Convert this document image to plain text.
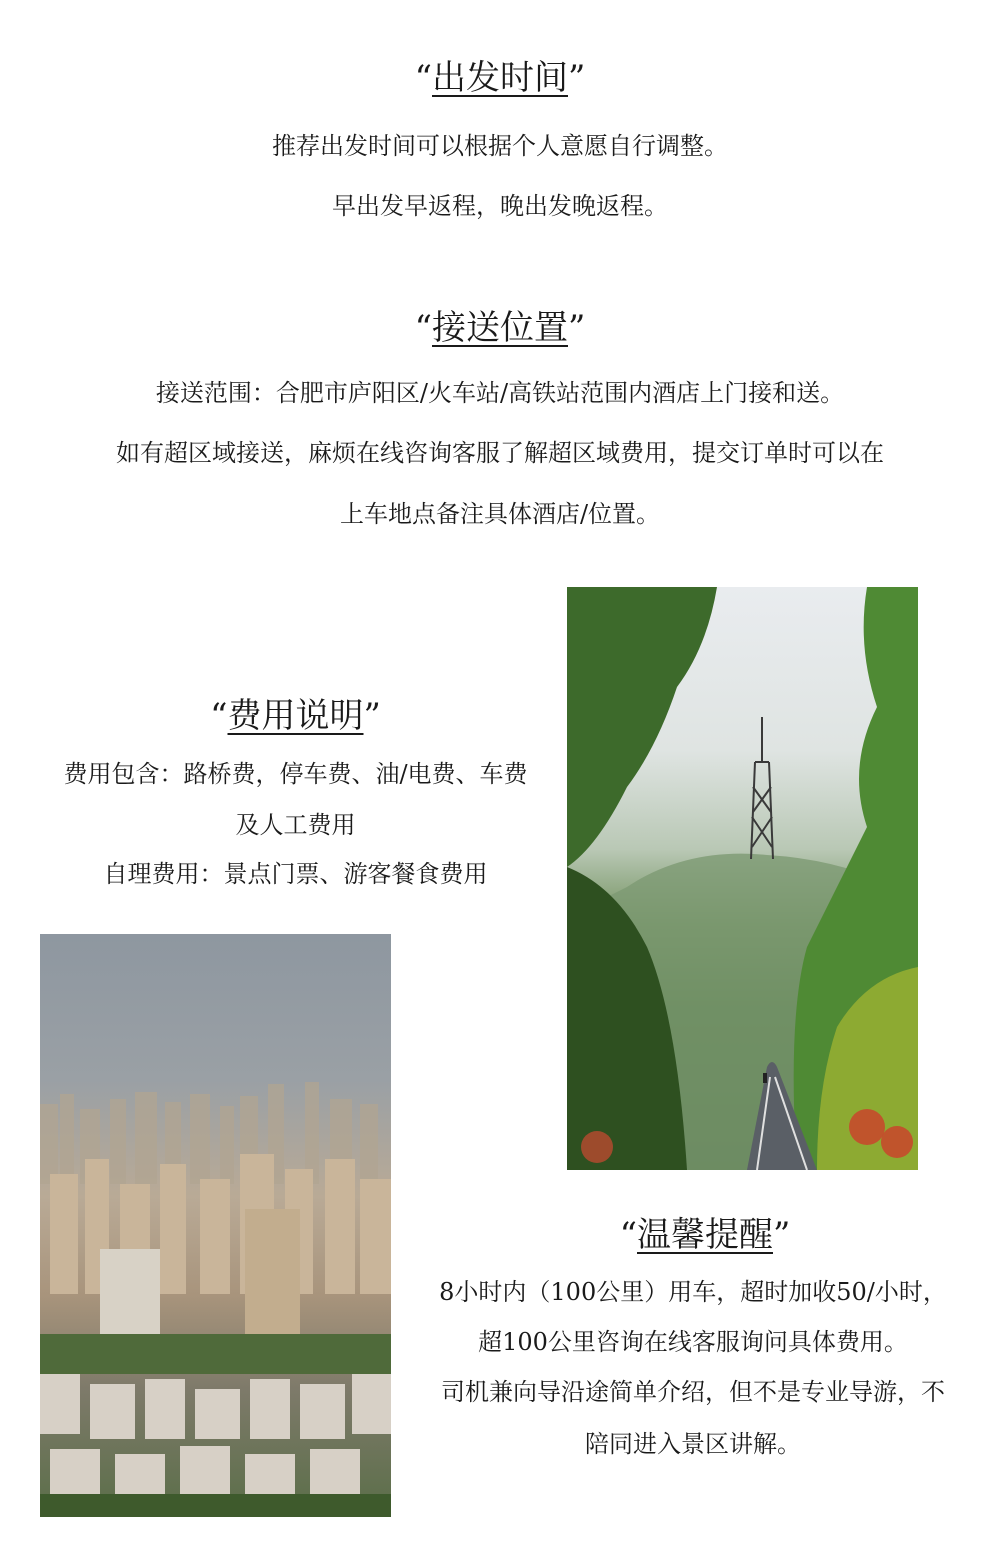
“出发时间”
推荐出发时间可以根据个人意愿自行调整。
早出发早返程，晚出发晚返程。
“接送位置”
接送范围：合肥市庐阳区/火车站/高铁站范围内酒店上门接和送。
如有超区域接送，麻烦在线咨询客服了解超区域费用，提交订单时可以在
上车地点备注具体酒店/位置。
“费用说明”
费用包含：路桥费，停车费、油/电费、车费
及人工费用
自理费用：景点门票、游客餐食费用
“温馨提醒”
8小时内（100公里）用车，超时加收50/小时，
超100公里咨询在线客服询问具体费用。
司机兼向导沿途简单介绍，但不是专业导游，不
陪同进入景区讲解。
